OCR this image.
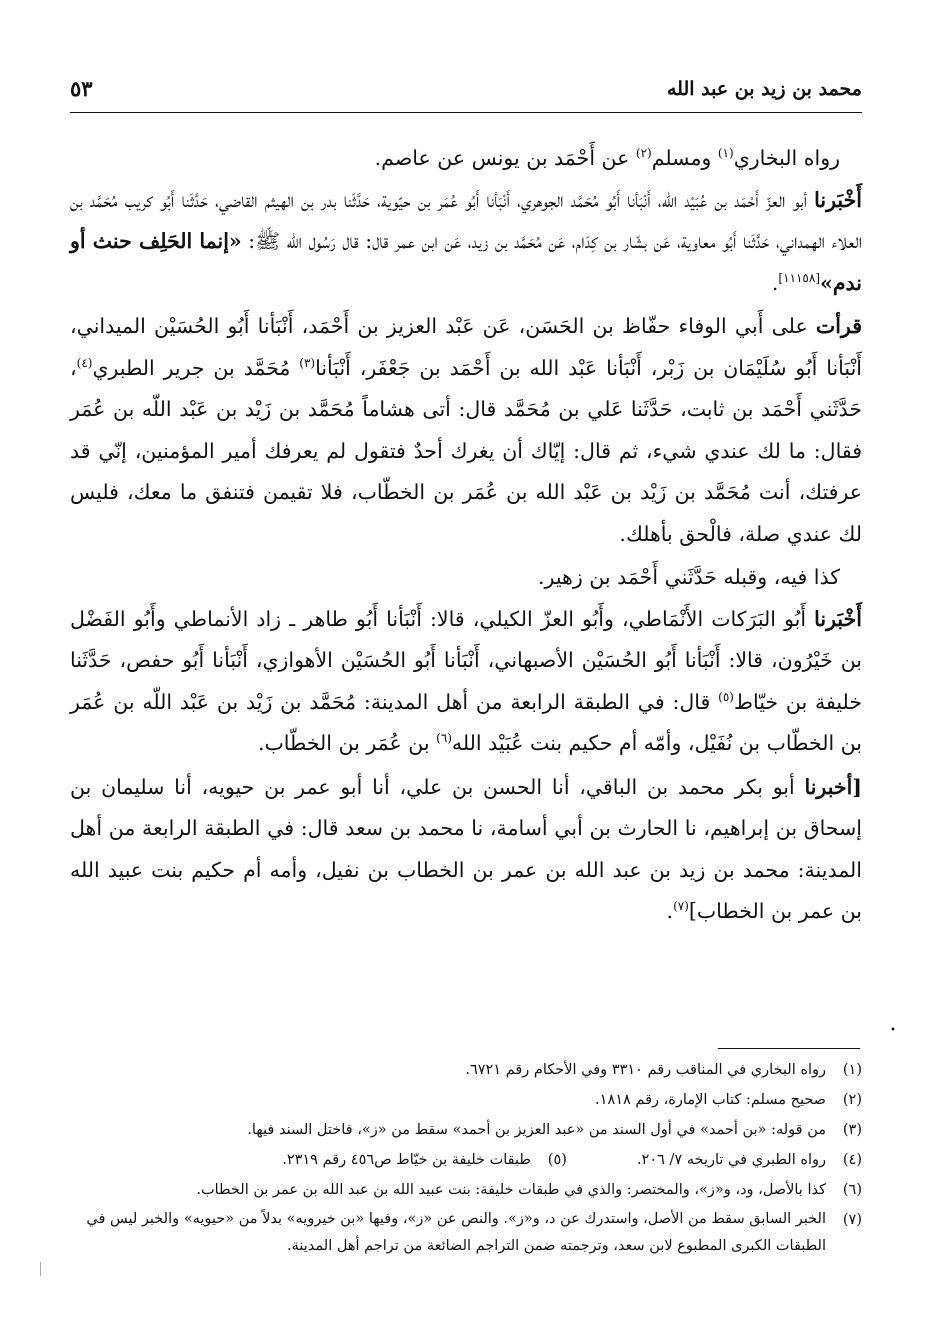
محمد بن زيد بن عبد الله
٥٣

رواه البخاري$^{(١)}$ ومسلم$^{(٢)}$ عن أَحْمَد بن يونس عن عاصم.

أَخْبَرنا أبو العزّ أَحْمَد بن عُبَيْد الله، أَنْبَأنا أَبُو مُحَمَّد الجوهري، أَنْبَأنا أَبُو عُمَر بن حيّوية، حَدَّثَنا بدر بن الهيثم القاضي، حَدَّثَنا أَبُو كريب مُحَمَّد بن العلاء الهمداني، حَدَّثَنا أَبُو معاوية، عَن بشّار بن كِدَام، عَن مُحَمَّد بن زيد، عَن ابن عمر قال: قال رَسُول الله ﷺ: «إنما الحَلِف حنث أو ندم»[١١١٥٨].

قرأت على أَبي الوفاء حفّاظ بن الحَسَن، عَن عَبْد العزيز بن أَحْمَد، أَنْبَأنا أَبُو الحُسَيْن الميداني، أَنْبَأنا أَبُو سُلَيْمَان بن زَبْر، أَنْبَأنا عَبْد الله بن أَحْمَد بن جَعْفَر، أَنْبَأنا$^{(٣)}$ مُحَمَّد بن جرير الطبري$^{(٤)}$، حَدَّثَني أَحْمَد بن ثابت، حَدَّثَنا عَلي بن مُحَمَّد قال: أتى هشاماً مُحَمَّد بن زَيْد بن عَبْد اللّه بن عُمَر فقال: ما لك عندي شيء، ثم قال: إيّاك أن يغرك أحدٌ فتقول لم يعرفك أمير المؤمنين، إنّي قد عرفتك، أنت مُحَمَّد بن زَيْد بن عَبْد الله بن عُمَر بن الخطّاب، فلا تقيمن فتنفق ما معك، فليس لك عندي صلة، فالْحق بأهلك.

كذا فيه، وقبله حَدَّثَني أَحْمَد بن زهير.

أَخْبَرنا أَبُو البَرَكات الأَنْمَاطي، وأَبُو العزّ الكيلي، قالا: أَنْبَأنا أَبُو طاهر ـ زاد الأنماطي وأَبُو الفَضْل بن خَيْرُون، قالا: أَنْبَأنا أَبُو الحُسَيْن الأصبهاني، أَنْبَأنا أَبُو الحُسَيْن الأهوازي، أَنْبَأنا أَبُو حفص، حَدَّثَنا خليفة بن خيّاط$^{(٥)}$ قال: في الطبقة الرابعة من أهل المدينة: مُحَمَّد بن زَيْد بن عَبْد اللّه بن عُمَر بن الخطّاب بن نُفَيْل، وأمّه أم حكيم بنت عُبَيْد الله$^{(٦)}$ بن عُمَر بن الخطّاب.

[أخبرنا أبو بكر محمد بن الباقي، أنا الحسن بن علي، أنا أبو عمر بن حيويه، أنا سليمان بن إسحاق بن إبراهيم، نا الحارث بن أبي أسامة، نا محمد بن سعد قال: في الطبقة الرابعة من أهل المدينة: محمد بن زيد بن عبد الله بن عمر بن الخطاب بن نفيل، وأمه أم حكيم بنت عبيد الله بن عمر بن الخطاب]$^{(٧)}$.

•
(١)
رواه البخاري في المناقب رقم ٣٣١٠ وفي الأحكام رقم ٦٧٢١.
(٢)
صحيح مسلم: كتاب الإمارة، رقم ١٨١٨.
(٣)
من قوله: «بن أحمد» في أول السند من «عبد العزيز بن أحمد» سقط من «ز»، فاختل السند فيها.
(٤)
رواه الطبري في تاريخه ٧/ ٢٠٦.
(٥)
طبقات خليفة بن خيّاط ص٤٥٦ رقم ٢٣١٩.
(٦)
كذا بالأصل، ود، و«ز»، والمختصر: والذي في طبقات خليفة: بنت عبيد الله بن عبد الله بن عمر بن الخطاب.
(٧)
الخبر السابق سقط من الأصل، واستدرك عن د، و«ز». والنص عن «ز»، وفيها «بن خيرويه» بدلاً من «حيويه» والخبر ليس في الطبقات الكبرى المطبوع لابن سعد، وترجمته ضمن التراجم الضائعة من تراجم أهل المدينة.
